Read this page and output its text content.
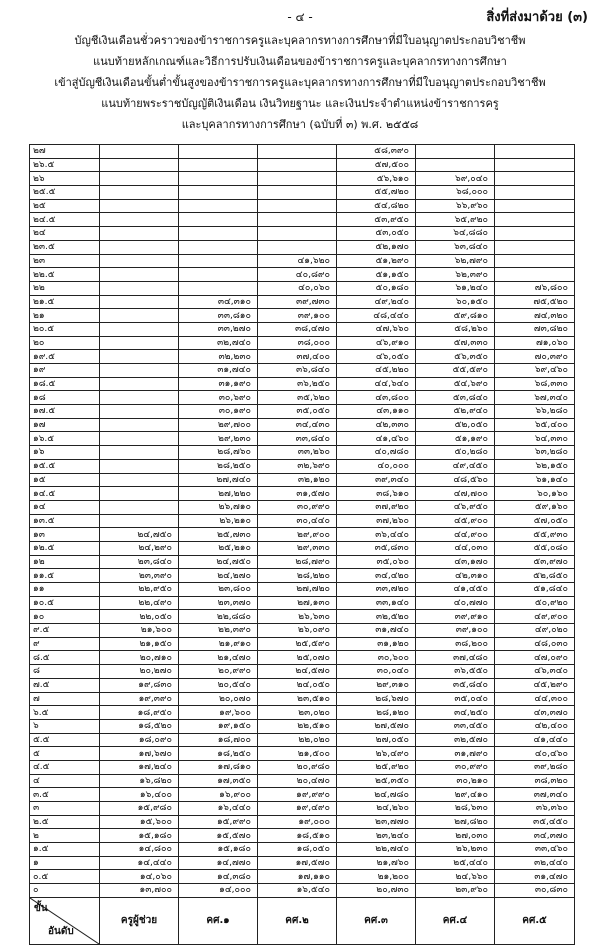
- ๔ -	สิ่งที่ส่งมาด้วย (๓)
บัญชีเงินเดือนชั่วคราวของข้าราชการครูและบุคลากรทางการศึกษาที่มีใบอนุญาตประกอบวิชาชีพ
แนบท้ายหลักเกณฑ์และวิธีการปรับเงินเดือนของข้าราชการครูและบุคลากรทางการศึกษา
เข้าสู่บัญชีเงินเดือนขั้นต่ำขั้นสูงของข้าราชการครูและบุคลากรทางการศึกษาที่มีใบอนุญาตประกอบวิชาชีพ
แนบท้ายพระราชบัญญัติเงินเดือน เงินวิทยฐานะ และเงินประจำตำแหน่งข้าราชการครู
และบุคลากรทางการศึกษา (ฉบับที่ ๓) พ.ศ. ๒๕๕๘
๒๗				๕๘,๓๙๐		
๒๖.๕				๕๗,๕๐๐		
๒๖				๕๖,๖๑๐	๖๙,๐๔๐	
๒๕.๕				๕๕,๗๒๐	๖๘,๐๐๐	
๒๕				๕๔,๘๒๐	๖๖,๙๖๐	
๒๔.๕				๕๓,๙๕๐	๖๕,๙๒๐	
๒๔				๕๓,๐๕๐	๖๔,๘๘๐	
๒๓.๕				๕๒,๑๗๐	๖๓,๘๔๐	
๒๓			๔๑,๖๒๐	๕๑,๒๙๐	๖๒,๗๙๐	
๒๒.๕			๔๐,๘๙๐	๕๑,๑๕๐	๖๒,๓๙๐	
๒๒			๔๐,๐๖๐	๕๐,๑๘๐	๖๑,๒๔๐	๗๖,๘๐๐
๒๑.๕		๓๔,๓๑๐	๓๙,๗๓๐	๔๙,๒๔๐	๖๐,๑๕๐	๗๕,๕๒๐
๒๑		๓๓,๘๑๐	๓๙,๑๐๐	๔๘,๔๔๐	๕๙,๘๑๐	๗๔,๓๒๐
๒๐.๕		๓๓,๒๗๐	๓๘,๔๗๐	๔๗,๖๖๐	๕๘,๒๖๐	๗๓,๘๒๐
๒๐		๓๒,๗๔๐	๓๘,๐๐๐	๔๖,๙๑๐	๕๗,๓๓๐	๗๑,๐๖๐
๑๙.๕		๓๒,๒๓๐	๓๗,๔๐๐	๔๖,๐๕๐	๕๖,๓๕๐	๗๐,๓๙๐
๑๙		๓๑,๗๔๐	๓๖,๘๔๐	๔๕,๒๒๐	๕๕,๕๙๐	๖๙,๔๖๐
๑๘.๕		๓๑,๑๙๐	๓๖,๒๕๐	๔๔,๖๔๐	๕๔,๖๙๐	๖๘,๓๓๐
๑๘		๓๐,๖๙๐	๓๕,๖๒๐	๔๓,๘๐๐	๕๓,๘๔๐	๖๗,๓๔๐
๑๗.๕		๓๐,๑๙๐	๓๕,๐๕๐	๔๓,๑๑๐	๕๒,๙๔๐	๖๖,๒๘๐
๑๗		๒๙,๗๐๐	๓๔,๔๓๐	๔๒,๓๓๐	๕๒,๐๕๐	๖๕,๔๐๐
๑๖.๕		๒๙,๒๓๐	๓๓,๘๔๐	๔๑,๔๖๐	๕๑,๑๙๐	๖๔,๓๓๐
๑๖		๒๘,๗๖๐	๓๓,๒๖๐	๔๐,๗๘๐	๕๐,๒๘๐	๖๓,๒๘๐
๑๕.๕		๒๘,๒๕๐	๓๒,๖๙๐	๔๐,๐๐๐	๔๙,๔๕๐	๖๒,๑๕๐
๑๕		๒๗,๗๔๐	๓๒,๑๒๐	๓๙,๓๔๐	๔๘,๕๖๐	๖๑,๑๔๐
๑๔.๕		๒๗,๒๒๐	๓๑,๕๗๐	๓๘,๖๑๐	๔๗,๗๐๐	๖๐,๑๖๐
๑๔		๒๖,๗๑๐	๓๐,๙๙๐	๓๗,๙๒๐	๔๖,๙๕๐	๕๙,๑๖๐
๑๓.๕		๒๖,๒๑๐	๓๐,๔๔๐	๓๗,๒๖๐	๔๕,๙๐๐	๕๗,๐๕๐
๑๓	๒๔,๗๕๐	๒๕,๗๓๐	๒๙,๙๐๐	๓๖,๔๔๐	๔๔,๙๐๐	๕๕,๙๓๐
๑๒.๕	๒๔,๒๙๐	๒๕,๒๑๐	๒๙,๓๓๐	๓๕,๘๓๐	๔๔,๐๓๐	๕๕,๐๘๐
๑๒	๒๓,๘๔๐	๒๔,๗๕๐	๒๘,๗๙๐	๓๕,๐๖๐	๔๓,๑๗๐	๕๓,๙๗๐
๑๑.๕	๒๓,๓๙๐	๒๔,๒๗๐	๒๘,๒๒๐	๓๔,๔๒๐	๔๒,๓๑๐	๕๒,๘๕๐
๑๑	๒๒,๙๕๐	๒๓,๘๐๐	๒๗,๗๒๐	๓๓,๗๒๐	๔๑,๔๕๐	๕๑,๘๔๐
๑๐.๕	๒๒,๔๙๐	๒๓,๓๗๐	๒๗,๑๓๐	๓๓,๑๔๐	๔๐,๗๗๐	๕๐,๙๒๐
๑๐	๒๒,๐๕๐	๒๒,๘๘๐	๒๖,๖๓๐	๓๒,๕๒๐	๓๙,๙๑๐	๔๙,๙๐๐
๙.๕	๒๑,๖๐๐	๒๒,๓๙๐	๒๖,๐๙๐	๓๑,๗๔๐	๓๙,๑๐๐	๔๙,๐๒๐
๙	๒๑,๑๕๐	๒๑,๙๑๐	๒๕,๕๙๐	๓๑,๑๒๐	๓๘,๒๐๐	๔๘,๐๓๐
๘.๕	๒๐,๗๑๐	๒๑,๔๗๐	๒๕,๐๗๐	๓๐,๖๐๐	๓๗,๔๘๐	๔๗,๐๙๐
๘	๒๐,๒๗๐	๒๐,๙๙๐	๒๔,๕๗๐	๓๐,๐๔๐	๓๖,๕๕๐	๔๖,๓๔๐
๗.๕	๑๙,๘๓๐	๒๐,๕๔๐	๒๔,๐๕๐	๒๙,๓๑๐	๓๕,๘๔๐	๔๕,๒๙๐
๗	๑๙,๓๙๐	๒๐,๐๗๐	๒๓,๕๑๐	๒๘,๖๗๐	๓๕,๐๔๐	๔๔,๓๐๐
๖.๕	๑๘,๙๕๐	๑๙,๖๐๐	๒๓,๐๒๐	๒๘,๑๒๐	๓๔,๒๕๐	๔๓,๓๗๐
๖	๑๘,๕๒๐	๑๙,๑๕๐	๒๒,๕๑๐	๒๗,๕๗๐	๓๓,๔๕๐	๔๒,๔๐๐
๕.๕	๑๘,๐๙๐	๑๘,๗๐๐	๒๒,๐๒๐	๒๗,๐๕๐	๓๒,๕๗๐	๔๑,๔๔๐
๕	๑๗,๖๗๐	๑๘,๒๕๐	๒๑,๕๐๐	๒๖,๔๙๐	๓๑,๗๙๐	๔๐,๔๖๐
๔.๕	๑๗,๒๔๐	๑๗,๘๑๐	๒๐,๙๘๐	๒๕,๙๒๐	๓๐,๙๙๐	๓๙,๒๘๐
๔	๑๖,๘๒๐	๑๗,๓๕๐	๒๐,๔๗๐	๒๕,๓๕๐	๓๐,๒๑๐	๓๘,๓๒๐
๓.๕	๑๖,๔๐๐	๑๖,๙๐๐	๑๙,๙๙๐	๒๔,๗๘๐	๒๙,๔๑๐	๓๗,๓๔๐
๓	๑๕,๙๘๐	๑๖,๔๔๐	๑๙,๔๙๐	๒๔,๒๖๐	๒๘,๖๓๐	๓๖,๓๖๐
๒.๕	๑๕,๖๐๐	๑๕,๙๙๐	๑๙,๐๐๐	๒๓,๗๗๐	๒๗,๘๒๐	๓๕,๔๕๐
๒	๑๕,๑๘๐	๑๕,๕๗๐	๑๘,๕๑๐	๒๓,๒๔๐	๒๗,๐๓๐	๓๔,๓๗๐
๑.๕	๑๔,๘๐๐	๑๕,๑๘๐	๑๘,๐๕๐	๒๒,๗๔๐	๒๖,๒๓๐	๓๓,๔๖๐
๑	๑๔,๔๔๐	๑๔,๗๗๐	๑๗,๕๗๐	๒๑,๗๖๐	๒๕,๔๔๐	๓๒,๔๔๐
๐.๕	๑๔,๐๖๐	๑๔,๓๘๐	๑๗,๑๑๐	๒๑,๒๐๐	๒๔,๖๖๐	๓๑,๔๗๐
๐	๑๓,๗๐๐	๑๔,๐๐๐	๑๖,๕๔๐	๒๐,๗๓๐	๒๓,๙๖๐	๓๐,๘๓๐

ขั้น
อันดับ	ครูผู้ช่วย	คศ.๑	คศ.๒	คศ.๓	คศ.๔	คศ.๕
